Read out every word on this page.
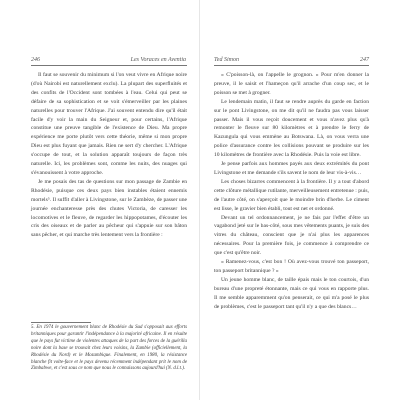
246	Les Voraces en Aventia

Il faut se souvenir du minimum si l'on veut vivre en Afrique noire (d'où Nairobi est naturellement exclu). La plupart des superfluités et des confits de l'Occident sont tombées à l'eau. Celui qui peut se défaire de sa sophistication et se voit s'émerveiller par les plaines naturelles pour trouver l'Afrique. J'ai souvent entendu dire qu'il était facile d'y voir la main du Seigneur et, pour certains, l'Afrique constitue une preuve tangible de l'existence de Dieu. Ma propre expérience me porte plutôt vers cette théorie, même si mon propre Dieu est plus fuyant que jamais. Rien ne sert d'y chercher. L'Afrique s'occupe de tout, et la solution apparaît toujours de façon très naturelle. Ici, les problèmes sont, comme les nuits, des nuages qui s'évanouissent à votre approche.

Je me posais des tas de questions sur mon passage de Zambie en Rhodésie, puisque ces deux pays bien instables étaient ennemis mortels⁵. Il suffit d'aller à Livingstone, sur le Zambèze, de passer une journée enchanteresse près des chutes Victoria, de caresser les locomotives et le fleuve, de regarder les hippopotames, d'écouter les cris des oiseaux et de parler au pêcheur qui s'appuie sur son bâton sans pêcher, et qui marche très lentement vers la frontière :

5. En 1974 le gouvernement blanc de Rhodésie du Sud s'opposait aux efforts britanniques pour garantir l'indépendance à la majorité africaine. Il en résulte que le pays fut victime de violentes attaques de la part des forces de la guérilla noire dont la base se trouvait chez leurs voisins, la Zambie (officiellement, la Rhodésie du Nord) et le Mozambique. Finalement, en 1980, la résistance blanche fit volte-face et le pays devenu récemment indépendant prit le nom de Zimbabwe, et c'est sous ce nom que nous le connaissons aujourd'hui (N. d.l.t.).

Ted Simon	247

« C'poisson-là, on l'appelle le grognon. » Pour m'en donner la preuve, il le saisit et l'hameçon qu'il arrache d'un coup sec, et le poisson se met à grogner.

Le lendemain matin, il faut se rendre auprès du garde en faction sur le pont Livingstone, on me dit qu'il ne faudra pas vous laisser passer. Mais il vous reçoit doucement et vous n'avez plus qu'à remonter le fleuve sur 80 kilomètres et à prendre le ferry de Kazungula qui vous emmène au Botswana. Là, on vous verra une police d'assurance contre les collisions pouvant se produire sur les 10 kilomètres de frontière avec la Rhodésie. Puis la voie est libre.

Je pense parfois aux hommes payés aux deux extrémités du pont Livingstone et me demande s'ils savent le nom de leur vis-à-vis…

Les choses bizarres commencent à la frontière. Il y a tout d'abord cette clôture métallique rutilante, merveilleusement entretenue : puis, de l'autre côté, on s'aperçoit que le moindre brin d'herbe. Le ciment est lisse, le gravier bien établi, tout est net et ordonné.

Devant un tel ordonnancement, je ne fais par l'effet d'être un vagabond jeté sur le bas-côté, sous mes vêtements puants, je suis des vitres du château, conscient que je n'ai plus les apparences nécessaires. Pour la première fois, je commence à comprendre ce que c'est qu'être noir.

« Ramenez-vous, c'est bon ! Où avez-vous trouvé ton passeport, ton passeport britannique ? »

Un jeune homme blanc, de taille épais mais le ton courtois, d'un bureau d'une propreté étonnante, mais ce qui vous en rapporte plus. Il me semble apparemment qu'on penserait, ce qui m'a posé le plus de problèmes, c'est le passeport tant qu'il n'y a que des blancs…
